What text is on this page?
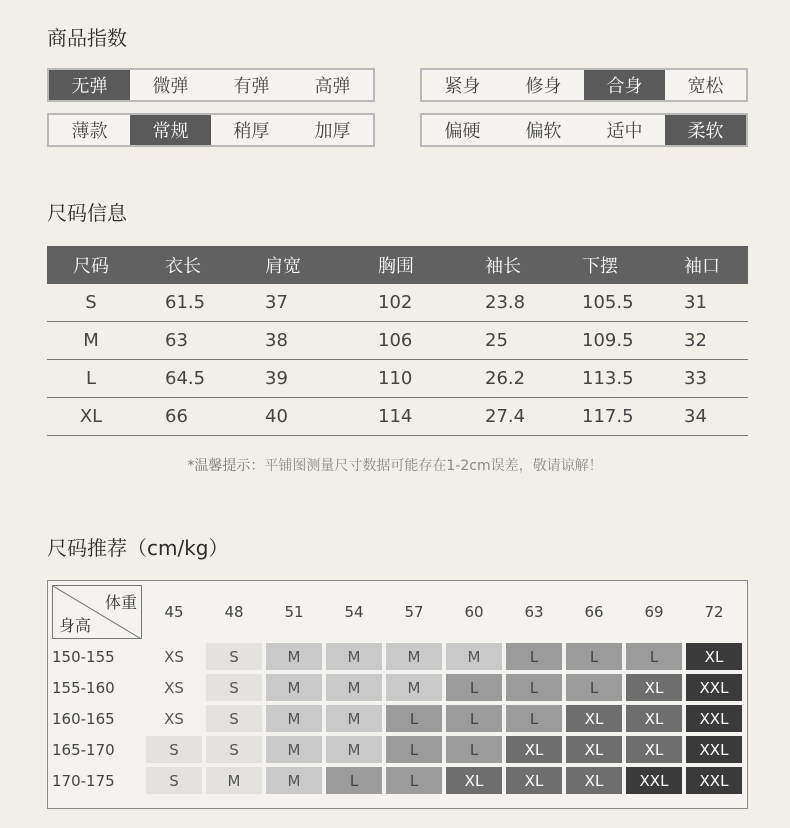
商品指数
无弹	微弹	有弹	高弹	紧身	修身	合身	宽松
薄款	常规	稍厚	加厚	偏硬	偏软	适中	柔软
尺码信息
尺码	衣长	肩宽	胸围	袖长	下摆	袖口
S	61.5	37	102	23.8	105.5	31
M	63	38	106	25	109.5	32
L	64.5	39	110	26.2	113.5	33
XL	66	40	114	27.4	117.5	34
*温馨提示：平铺图测量尺寸数据可能存在1-2cm误差，敬请谅解！
尺码推荐（cm/kg）
体重
身高	45	48	51	54	57	60	63	66	69	72
150-155	XS	S	M	M	M	M	L	L	L	XL
155-160	XS	S	M	M	M	L	L	L	XL	XXL
160-165	XS	S	M	M	L	L	L	XL	XL	XXL
165-170	S	S	M	M	L	L	XL	XL	XL	XXL
170-175	S	M	M	L	L	XL	XL	XL	XXL	XXL
